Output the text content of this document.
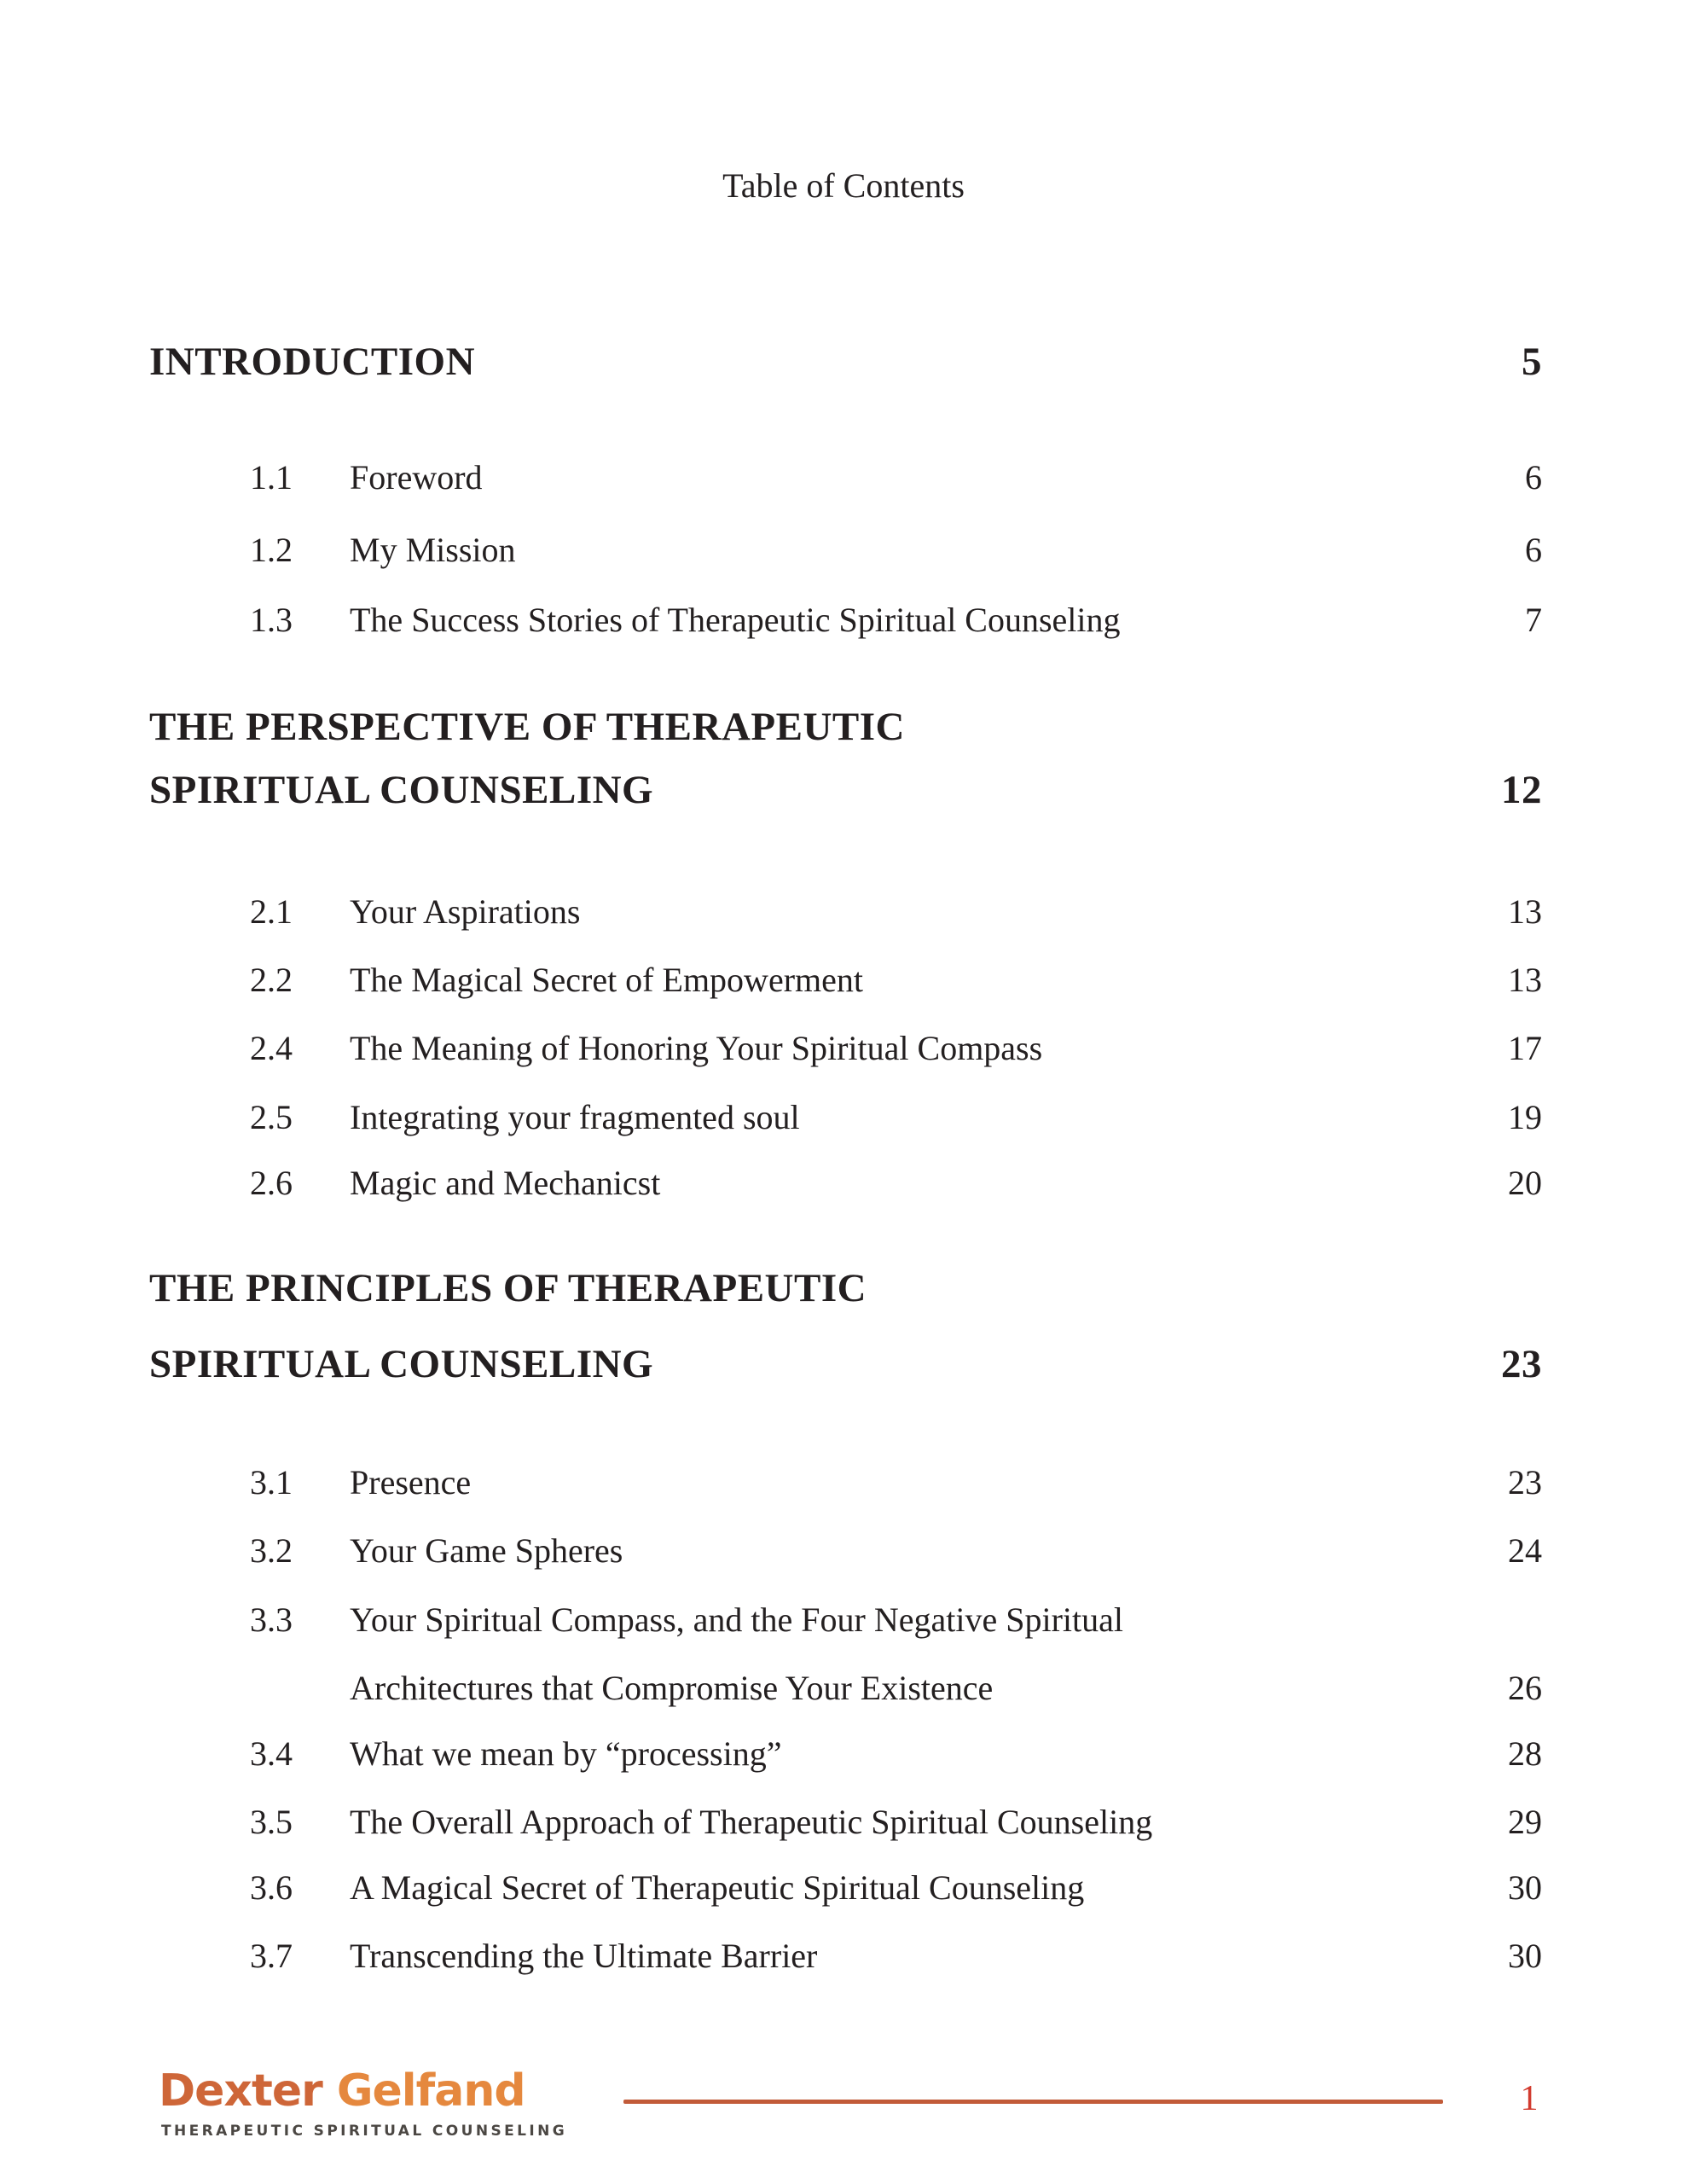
Table of Contents
INTRODUCTION	5
1.1	Foreword	6
1.2	My Mission	6
1.3	The Success Stories of Therapeutic Spiritual Counseling	7
THE PERSPECTIVE OF THERAPEUTIC
SPIRITUAL COUNSELING	12
2.1	Your Aspirations	13
2.2	The Magical Secret of Empowerment	13
2.4	The Meaning of Honoring Your Spiritual Compass	17
2.5	Integrating your fragmented soul	19
2.6	Magic and Mechanicst	20
THE PRINCIPLES OF THERAPEUTIC
SPIRITUAL COUNSELING	23
3.1	Presence	23
3.2	Your Game Spheres	24
3.3	Your Spiritual Compass, and the Four Negative Spiritual
Architectures that Compromise Your Existence	26
3.4	What we mean by “processing”	28
3.5	The Overall Approach of Therapeutic Spiritual Counseling	29
3.6	A Magical Secret of Therapeutic Spiritual Counseling	30
3.7	Transcending the Ultimate Barrier	30
Dexter Gelfand
THERAPEUTIC SPIRITUAL COUNSELING
1
